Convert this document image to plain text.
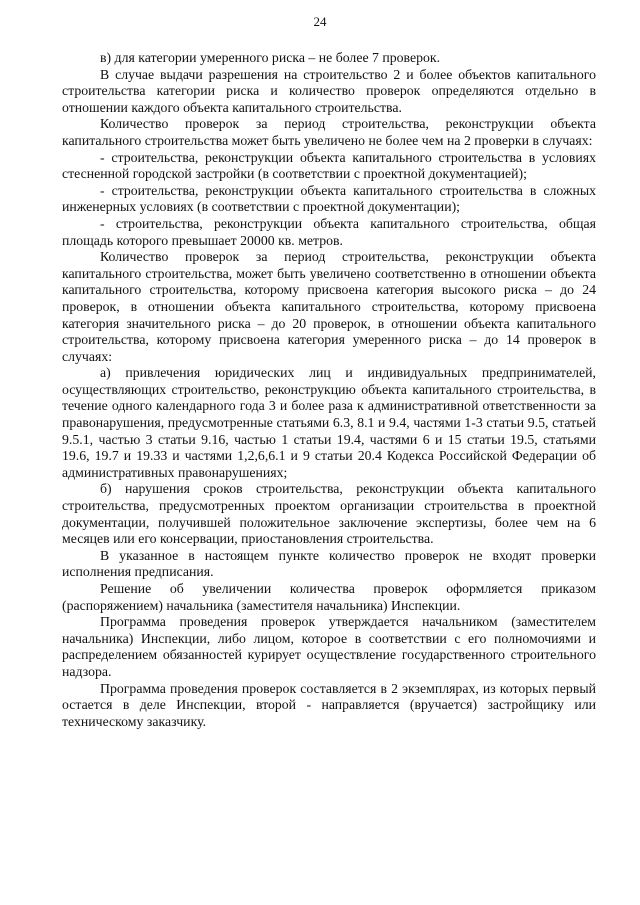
24

в) для категории умеренного риска – не более 7 проверок.

В случае выдачи разрешения на строительство 2 и более объектов капитального строительства категории риска и количество проверок определяются отдельно в отношении каждого объекта капитального строительства.

Количество проверок за период строительства, реконструкции объекта капитального строительства может быть увеличено не более чем на 2 проверки в случаях:

- строительства, реконструкции объекта капитального строительства в условиях стесненной городской застройки (в соответствии с проектной документацией);

- строительства, реконструкции объекта капитального строительства в сложных инженерных условиях (в соответствии с проектной документации);

- строительства, реконструкции объекта капитального строительства, общая площадь которого превышает 20000 кв. метров.

Количество проверок за период строительства, реконструкции объекта капитального строительства, может быть увеличено соответственно в отношении объекта капитального строительства, которому присвоена категория высокого риска – до 24 проверок, в отношении объекта капитального строительства, которому присвоена категория значительного риска – до 20 проверок, в отношении объекта капитального строительства, которому присвоена категория умеренного риска – до 14 проверок в случаях:

а) привлечения юридических лиц и индивидуальных предпринимателей, осуществляющих строительство, реконструкцию объекта капитального строительства, в течение одного календарного года 3 и более раза к административной ответственности за правонарушения, предусмотренные статьями 6.3, 8.1 и 9.4, частями 1-3 статьи 9.5, статьей 9.5.1, частью 3 статьи 9.16, частью 1 статьи 19.4, частями 6 и 15 статьи 19.5, статьями 19.6, 19.7 и 19.33 и частями 1,2,6,6.1 и 9 статьи 20.4 Кодекса Российской Федерации об административных правонарушениях;

б) нарушения сроков строительства, реконструкции объекта капитального строительства, предусмотренных проектом организации строительства в проектной документации, получившей положительное заключение экспертизы, более чем на 6 месяцев или его консервации, приостановления строительства.

В указанное в настоящем пункте количество проверок не входят проверки исполнения предписания.

Решение об увеличении количества проверок оформляется приказом (распоряжением) начальника (заместителя начальника) Инспекции.

Программа проведения проверок утверждается начальником (заместителем начальника) Инспекции, либо лицом, которое в соответствии с его полномочиями и распределением обязанностей курирует осуществление государственного строительного надзора.

Программа проведения проверок составляется в 2 экземплярах, из которых первый остается в деле Инспекции, второй - направляется (вручается) застройщику или техническому заказчику.
